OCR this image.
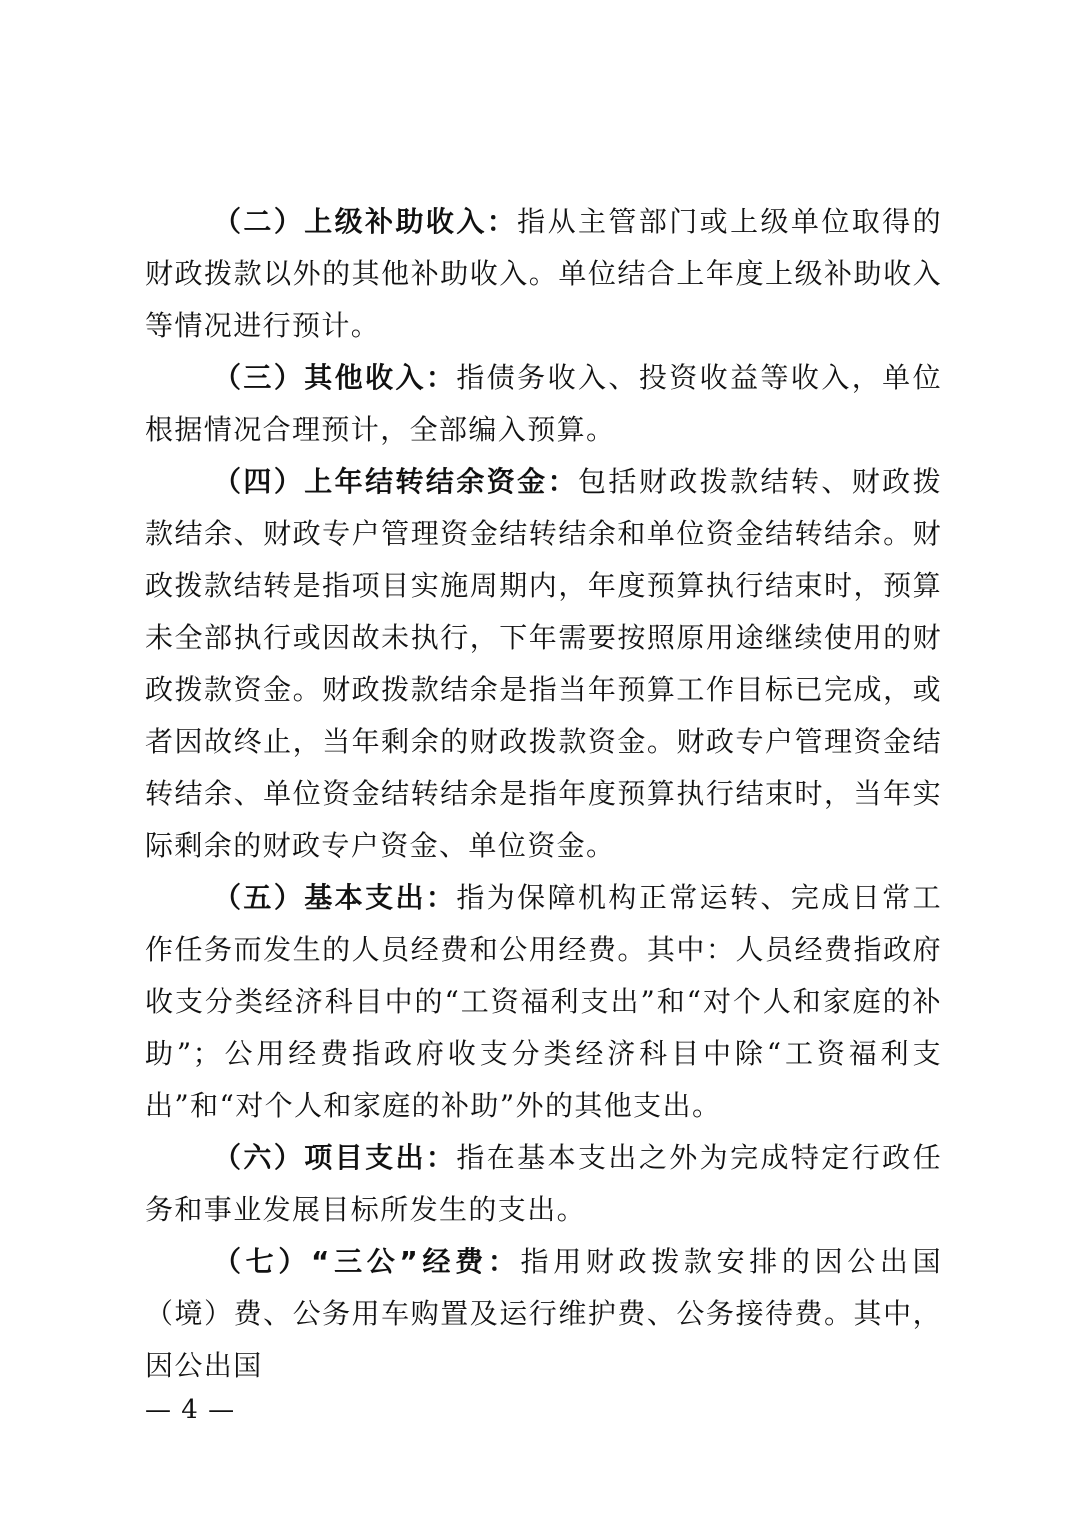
（二）上级补助收入：指从主管部门或上级单位取得的财政拨款以外的其他补助收入。单位结合上年度上级补助收入等情况进行预计。

（三）其他收入：指债务收入、投资收益等收入，单位根据情况合理预计，全部编入预算。

（四）上年结转结余资金：包括财政拨款结转、财政拨款结余、财政专户管理资金结转结余和单位资金结转结余。财政拨款结转是指项目实施周期内，年度预算执行结束时，预算未全部执行或因故未执行，下年需要按照原用途继续使用的财政拨款资金。财政拨款结余是指当年预算工作目标已完成，或者因故终止，当年剩余的财政拨款资金。财政专户管理资金结转结余、单位资金结转结余是指年度预算执行结束时，当年实际剩余的财政专户资金、单位资金。

（五）基本支出：指为保障机构正常运转、完成日常工作任务而发生的人员经费和公用经费。其中：人员经费指政府收支分类经济科目中的“工资福利支出”和“对个人和家庭的补助”；公用经费指政府收支分类经济科目中除“工资福利支出”和“对个人和家庭的补助”外的其他支出。

（六）项目支出：指在基本支出之外为完成特定行政任务和事业发展目标所发生的支出。

（七）“三公”经费：指用财政拨款安排的因公出国（境）费、公务用车购置及运行维护费、公务接待费。其中，因公出国

— 4 —
